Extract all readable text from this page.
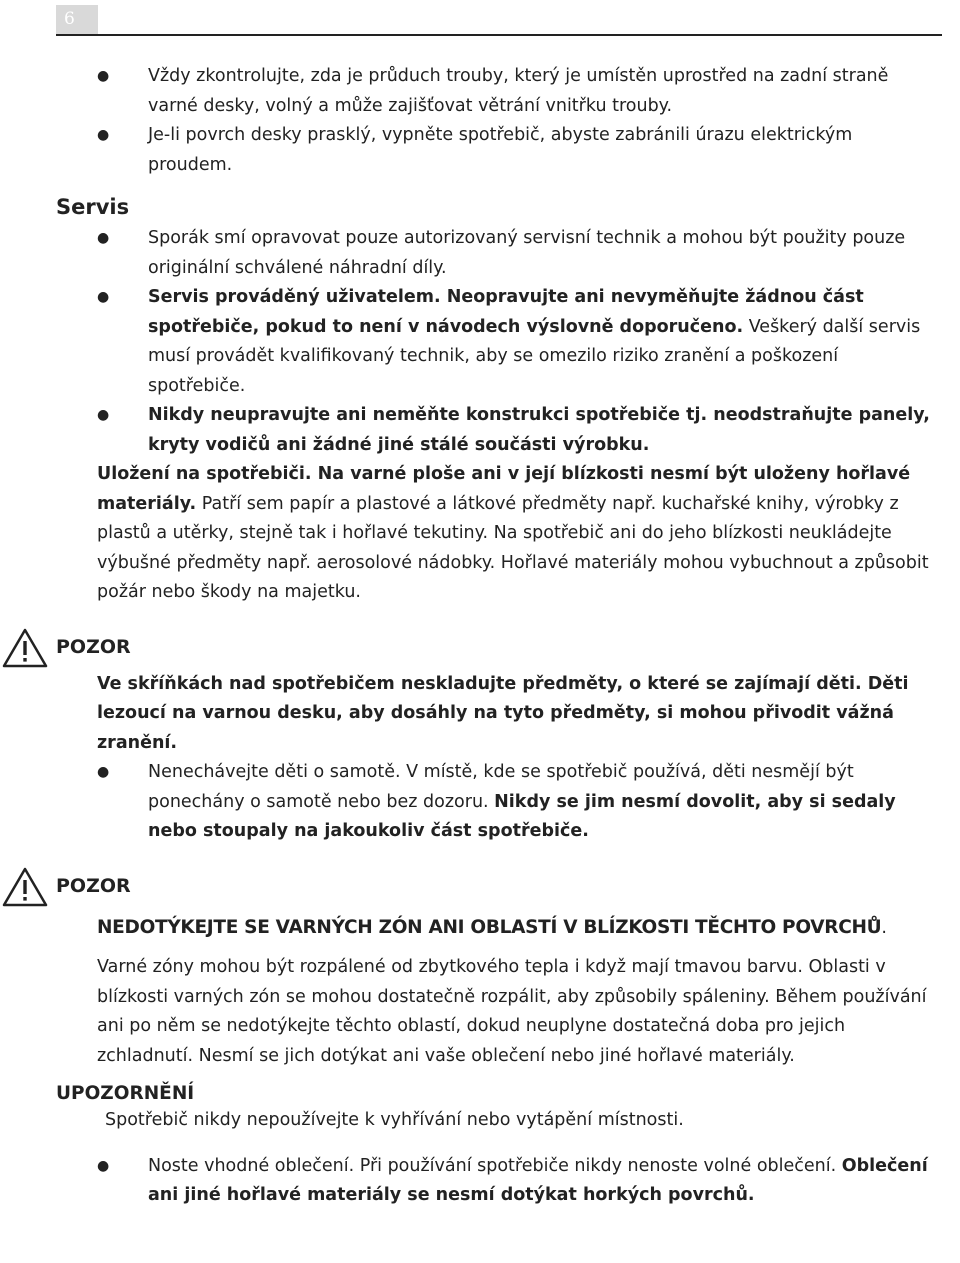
6
● Vždy zkontrolujte, zda je průduch trouby, který je umístěn uprostřed na zadní straně varné desky, volný a může zajišťovat větrání vnitřku trouby.
● Je-li povrch desky prasklý, vypněte spotřebič, abyste zabránili úrazu elektrickým proudem.
Servis
● Sporák smí opravovat pouze autorizovaný servisní technik a mohou být použity pouze originální schválené náhradní díly.
● Servis prováděný uživatelem. Neopravujte ani nevyměňujte žádnou část spotřebiče, pokud to není v návodech výslovně doporučeno. Veškerý další servis musí provádět kvalifikovaný technik, aby se omezilo riziko zranění a poškození spotřebiče.
● Nikdy neupravujte ani neměňte konstrukci spotřebiče tj. neodstraňujte panely, kryty vodičů ani žádné jiné stálé součásti výrobku.
Uložení na spotřebiči. Na varné ploše ani v její blízkosti nesmí být uloženy hořlavé materiály. Patří sem papír a plastové a látkové předměty např. kuchařské knihy, výrobky z plastů a utěrky, stejně tak i hořlavé tekutiny. Na spotřebič ani do jeho blízkosti neukládejte výbušné předměty např. aerosolové nádobky. Hořlavé materiály mohou vybuchnout a způsobit požár nebo škody na majetku.
POZOR
Ve skříňkách nad spotřebičem neskladujte předměty, o které se zajímají děti. Děti lezoucí na varnou desku, aby dosáhly na tyto předměty, si mohou přivodit vážná zranění.
● Nenechávejte děti o samotě. V místě, kde se spotřebič používá, děti nesmějí být ponechány o samotě nebo bez dozoru. Nikdy se jim nesmí dovolit, aby si sedaly nebo stoupaly na jakoukoliv část spotřebiče.
POZOR
NEDOTÝKEJTE SE VARNÝCH ZÓN ANI OBLASTÍ V BLÍZKOSTI TĚCHTO POVRCHŮ.
Varné zóny mohou být rozpálené od zbytkového tepla i když mají tmavou barvu. Oblasti v blízkosti varných zón se mohou dostatečně rozpálit, aby způsobily spáleniny. Během používání ani po něm se nedotýkejte těchto oblastí, dokud neuplyne dostatečná doba pro jejich zchladnutí. Nesmí se jich dotýkat ani vaše oblečení nebo jiné hořlavé materiály.
UPOZORNĚNÍ
Spotřebič nikdy nepoužívejte k vyhřívání nebo vytápění místnosti.
● Noste vhodné oblečení. Při používání spotřebiče nikdy nenoste volné oblečení. Oblečení ani jiné hořlavé materiály se nesmí dotýkat horkých povrchů.
